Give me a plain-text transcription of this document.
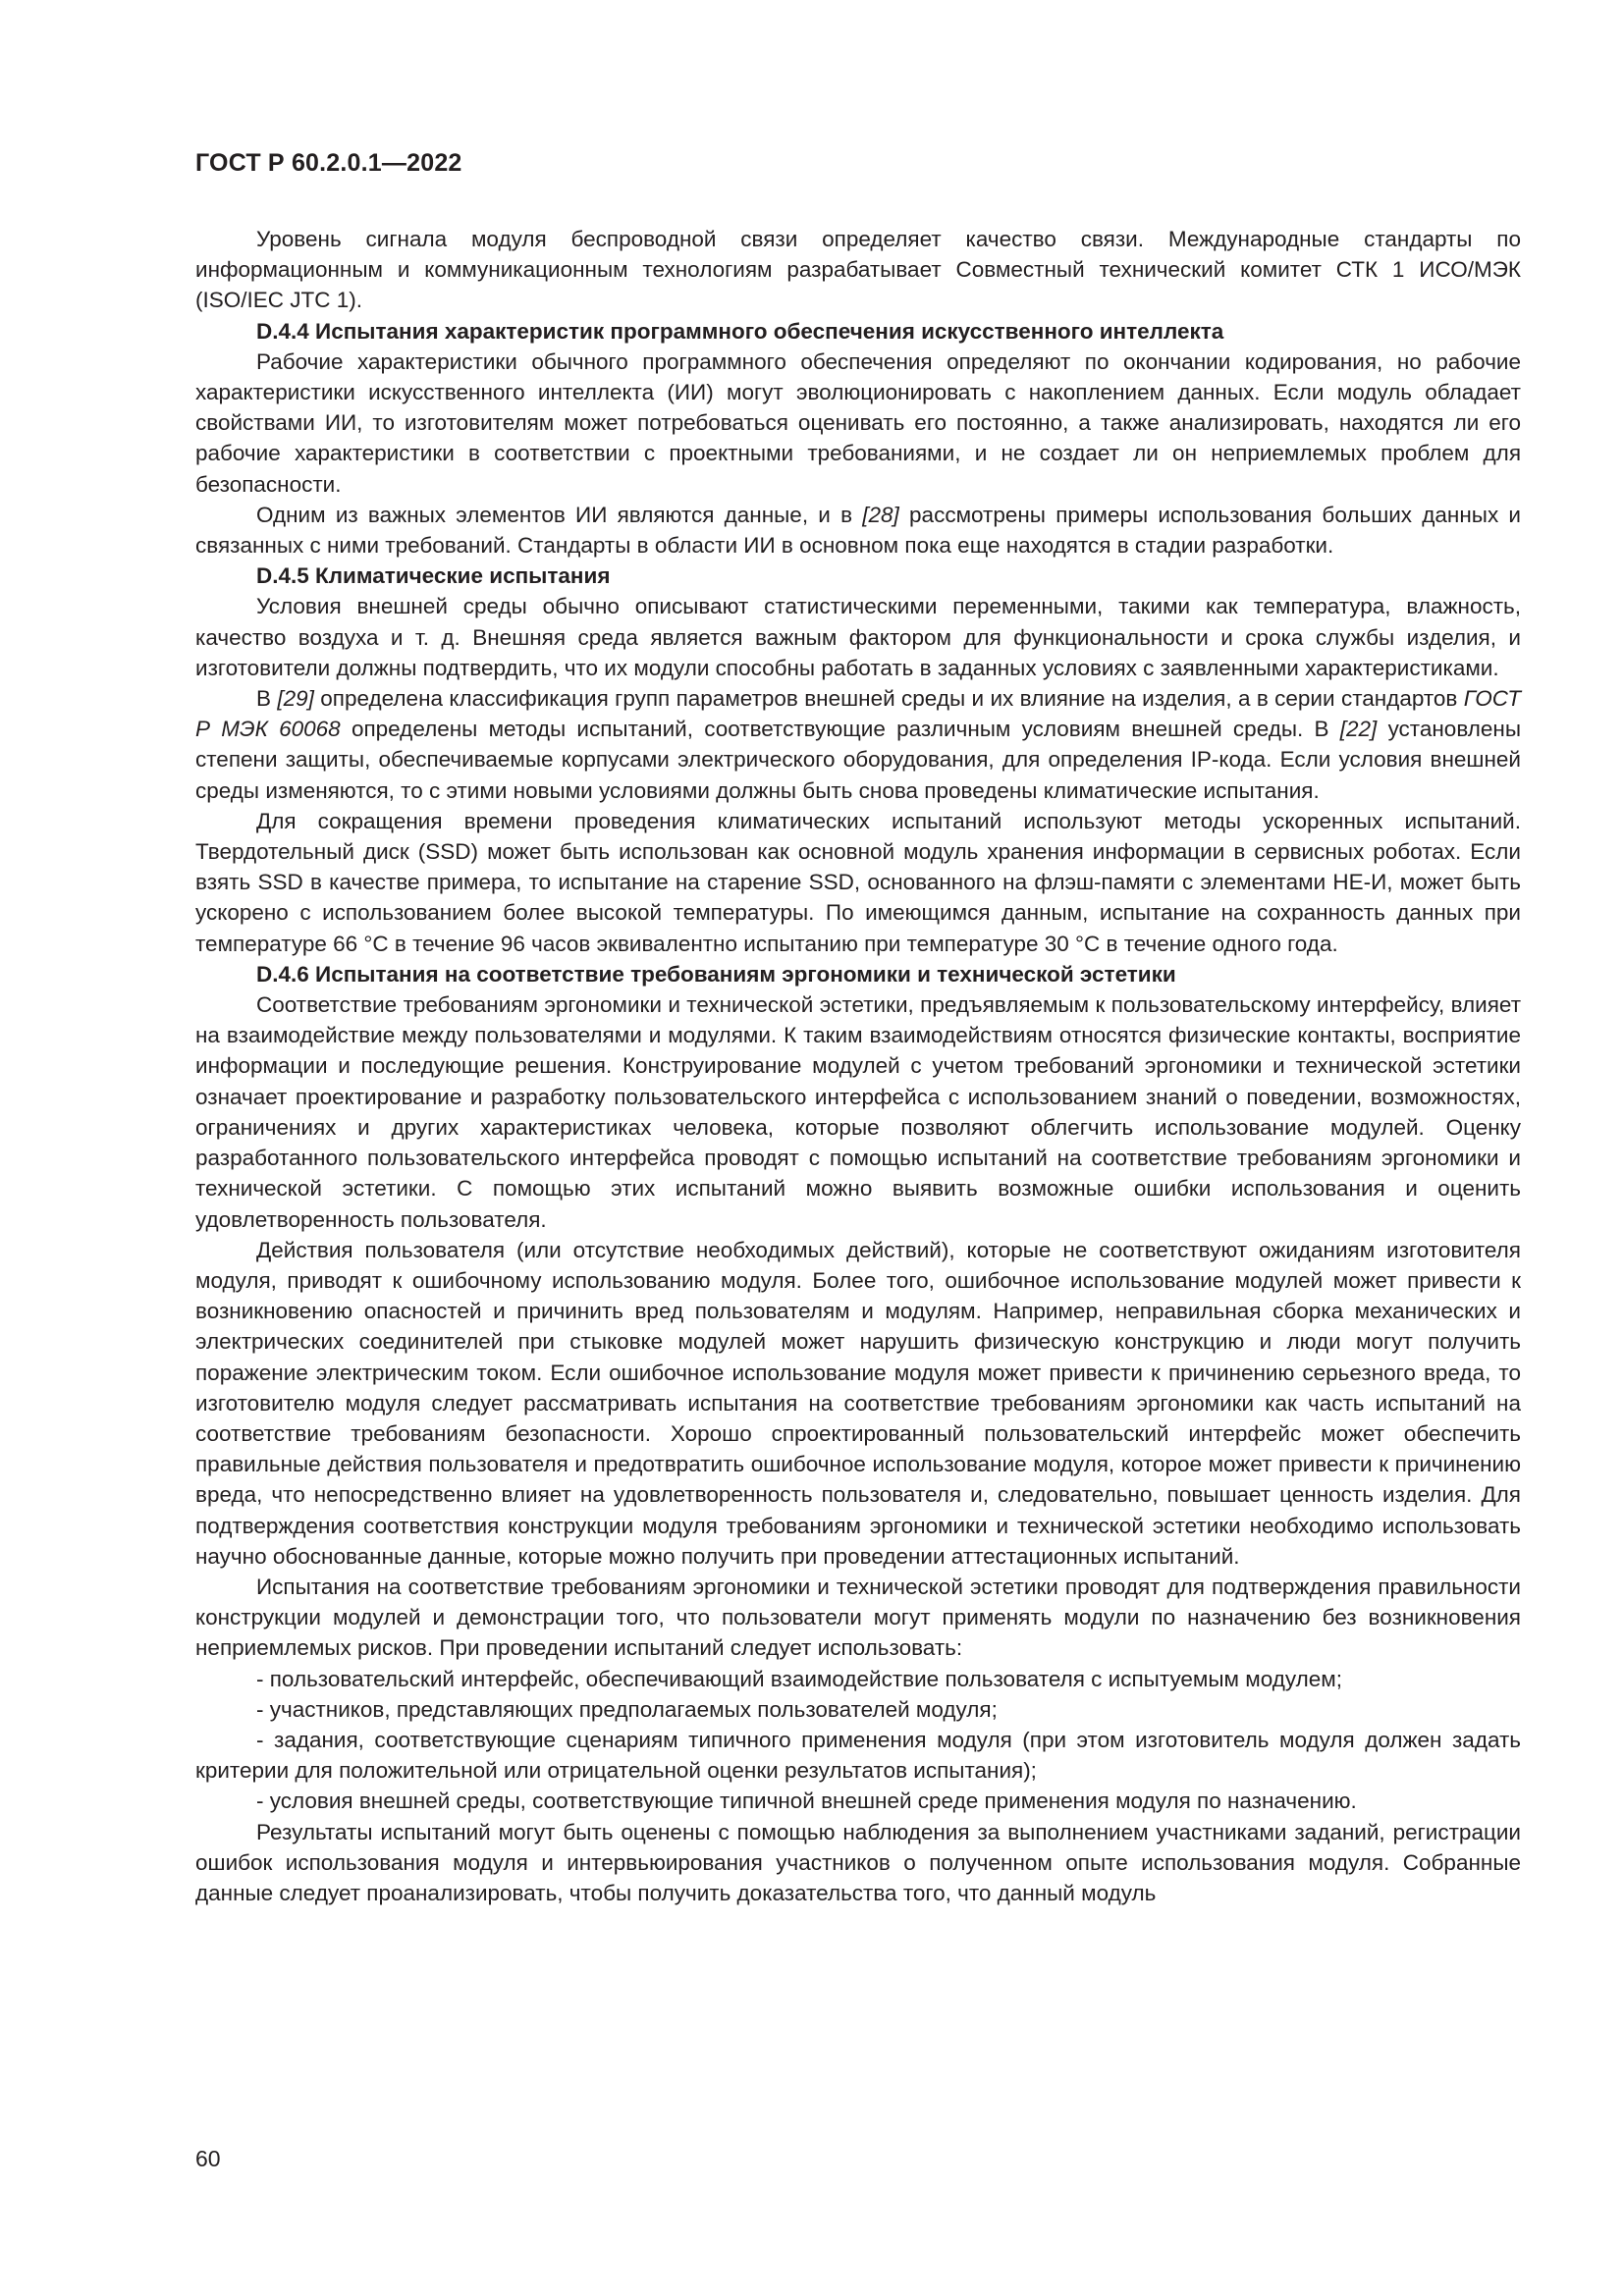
ГОСТ Р 60.2.0.1—2022

Уровень сигнала модуля беспроводной связи определяет качество связи. Международные стандарты по информационным и коммуникационным технологиям разрабатывает Совместный технический комитет СТК 1 ИСО/МЭК (ISO/IEC JTC 1).

D.4.4 Испытания характеристик программного обеспечения искусственного интеллекта

Рабочие характеристики обычного программного обеспечения определяют по окончании кодирования, но рабочие характеристики искусственного интеллекта (ИИ) могут эволюционировать с накоплением данных. Если модуль обладает свойствами ИИ, то изготовителям может потребоваться оценивать его постоянно, а также анализировать, находятся ли его рабочие характеристики в соответствии с проектными требованиями, и не создает ли он неприемлемых проблем для безопасности.

Одним из важных элементов ИИ являются данные, и в [28] рассмотрены примеры использования больших данных и связанных с ними требований. Стандарты в области ИИ в основном пока еще находятся в стадии разработки.

D.4.5 Климатические испытания

Условия внешней среды обычно описывают статистическими переменными, такими как температура, влажность, качество воздуха и т. д. Внешняя среда является важным фактором для функциональности и срока службы изделия, и изготовители должны подтвердить, что их модули способны работать в заданных условиях с заявленными характеристиками.

В [29] определена классификация групп параметров внешней среды и их влияние на изделия, а в серии стандартов ГОСТ Р МЭК 60068 определены методы испытаний, соответствующие различным условиям внешней среды. В [22] установлены степени защиты, обеспечиваемые корпусами электрического оборудования, для определения IP-кода. Если условия внешней среды изменяются, то с этими новыми условиями должны быть снова проведены климатические испытания.

Для сокращения времени проведения климатических испытаний используют методы ускоренных испытаний. Твердотельный диск (SSD) может быть использован как основной модуль хранения информации в сервисных роботах. Если взять SSD в качестве примера, то испытание на старение SSD, основанного на флэш-памяти с элементами НЕ-И, может быть ускорено с использованием более высокой температуры. По имеющимся данным, испытание на сохранность данных при температуре 66 °С в течение 96 часов эквивалентно испытанию при температуре 30 °С в течение одного года.

D.4.6 Испытания на соответствие требованиям эргономики и технической эстетики

Соответствие требованиям эргономики и технической эстетики, предъявляемым к пользовательскому интерфейсу, влияет на взаимодействие между пользователями и модулями. К таким взаимодействиям относятся физические контакты, восприятие информации и последующие решения. Конструирование модулей с учетом требований эргономики и технической эстетики означает проектирование и разработку пользовательского интерфейса с использованием знаний о поведении, возможностях, ограничениях и других характеристиках человека, которые позволяют облегчить использование модулей. Оценку разработанного пользовательского интерфейса проводят с помощью испытаний на соответствие требованиям эргономики и технической эстетики. С помощью этих испытаний можно выявить возможные ошибки использования и оценить удовлетворенность пользователя.

Действия пользователя (или отсутствие необходимых действий), которые не соответствуют ожиданиям изготовителя модуля, приводят к ошибочному использованию модуля. Более того, ошибочное использование модулей может привести к возникновению опасностей и причинить вред пользователям и модулям. Например, неправильная сборка механических и электрических соединителей при стыковке модулей может нарушить физическую конструкцию и люди могут получить поражение электрическим током. Если ошибочное использование модуля может привести к причинению серьезного вреда, то изготовителю модуля следует рассматривать испытания на соответствие требованиям эргономики как часть испытаний на соответствие требованиям безопасности. Хорошо спроектированный пользовательский интерфейс может обеспечить правильные действия пользователя и предотвратить ошибочное использование модуля, которое может привести к причинению вреда, что непосредственно влияет на удовлетворенность пользователя и, следовательно, повышает ценность изделия. Для подтверждения соответствия конструкции модуля требованиям эргономики и технической эстетики необходимо использовать научно обоснованные данные, которые можно получить при проведении аттестационных испытаний.

Испытания на соответствие требованиям эргономики и технической эстетики проводят для подтверждения правильности конструкции модулей и демонстрации того, что пользователи могут применять модули по назначению без возникновения неприемлемых рисков. При проведении испытаний следует использовать:

- пользовательский интерфейс, обеспечивающий взаимодействие пользователя с испытуемым модулем;
- участников, представляющих предполагаемых пользователей модуля;
- задания, соответствующие сценариям типичного применения модуля (при этом изготовитель модуля должен задать критерии для положительной или отрицательной оценки результатов испытания);
- условия внешней среды, соответствующие типичной внешней среде применения модуля по назначению.

Результаты испытаний могут быть оценены с помощью наблюдения за выполнением участниками заданий, регистрации ошибок использования модуля и интервьюирования участников о полученном опыте использования модуля. Собранные данные следует проанализировать, чтобы получить доказательства того, что данный модуль

60
